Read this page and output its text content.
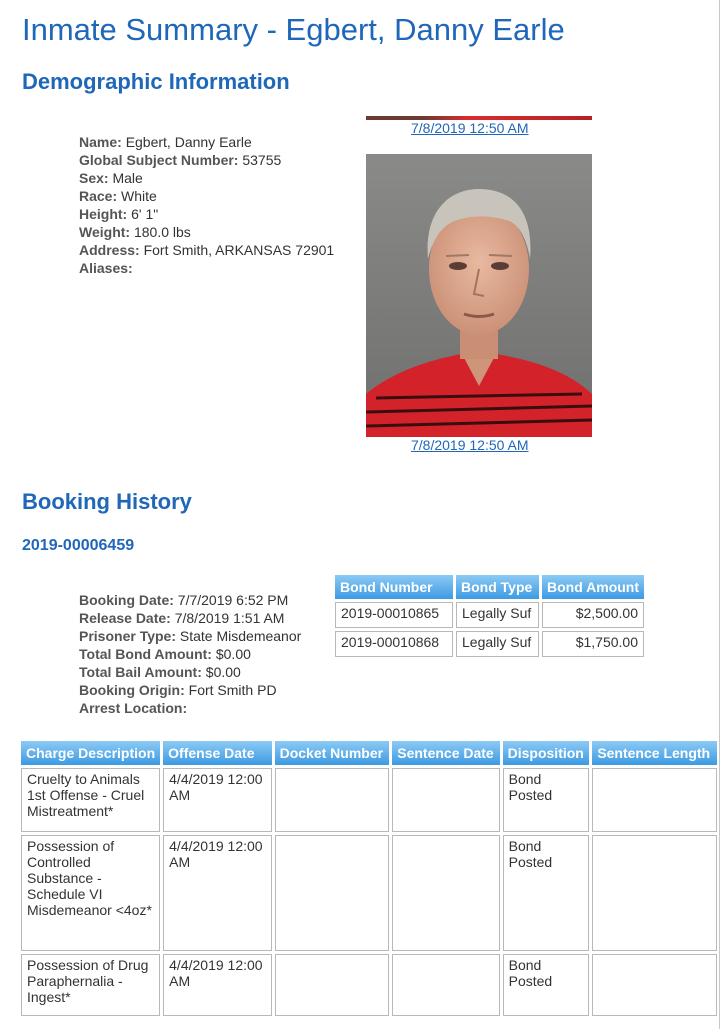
Inmate Summary - Egbert, Danny Earle
Demographic Information
Name: Egbert, Danny Earle
Global Subject Number: 53755
Sex: Male
Race: White
Height: 6' 1"
Weight: 180.0 lbs
Address: Fort Smith, ARKANSAS 72901
Aliases:
7/8/2019 12:50 AM
7/8/2019 12:50 AM
Booking History
2019-00006459
Booking Date: 7/7/2019 6:52 PM
Release Date: 7/8/2019 1:51 AM
Prisoner Type: State Misdemeanor
Total Bond Amount: $0.00
Total Bail Amount: $0.00
Booking Origin: Fort Smith PD
Arrest Location:
Bond Number	Bond Type	Bond Amount
2019-00010865	Legally Suf	$2,500.00
2019-00010868	Legally Suf	$1,750.00
Charge Description	Offense Date	Docket Number	Sentence Date	Disposition	Sentence Length
Cruelty to Animals 1st Offense - Cruel Mistreatment*	4/4/2019 12:00 AM			Bond Posted	
Possession of Controlled Substance - Schedule VI Misdemeanor <4oz*	4/4/2019 12:00 AM			Bond Posted	
Possession of Drug Paraphernalia - Ingest*	4/4/2019 12:00 AM			Bond Posted	
